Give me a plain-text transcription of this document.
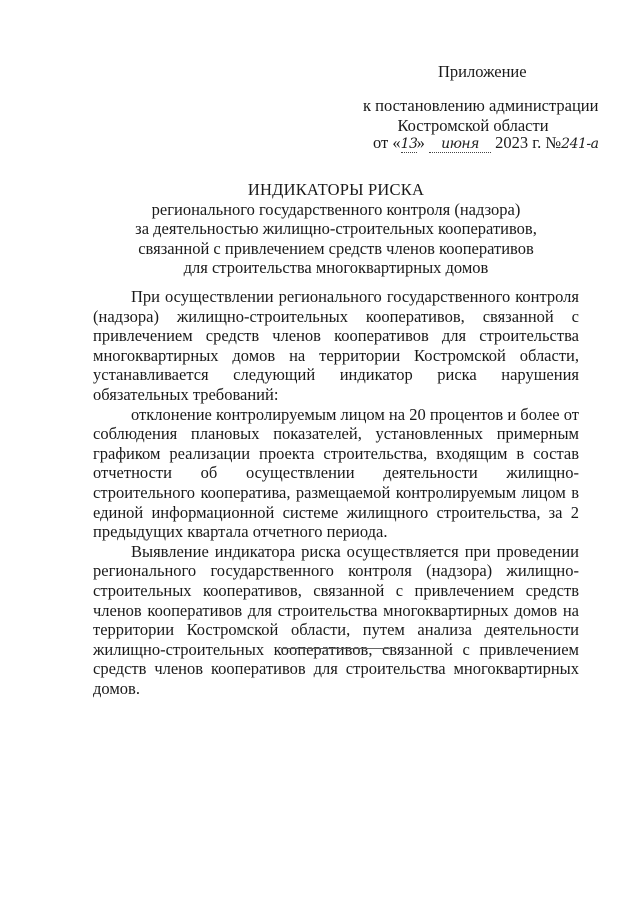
Приложение
к постановлению администрации
Костромской области
от «13» июня 2023 г. №241-а
ИНДИКАТОРЫ РИСКА
регионального государственного контроля (надзора)
за деятельностью жилищно-строительных кооперативов,
связанной с привлечением средств членов кооперативов
для строительства многоквартирных домов

При осуществлении регионального государственного контроля (надзора) жилищно-строительных кооперативов, связанной с привлечением средств членов кооперативов для строительства многоквартирных домов на территории Костромской области, устанавливается следующий индикатор риска нарушения обязательных требований:

отклонение контролируемым лицом на 20 процентов и более от соблюдения плановых показателей, установленных примерным графиком реализации проекта строительства, входящим в состав отчетности об осуществлении деятельности жилищно-строительного кооператива, размещаемой контролируемым лицом в единой информационной системе жилищного строительства, за 2 предыдущих квартала отчетного периода.

Выявление индикатора риска осуществляется при проведении регионального государственного контроля (надзора) жилищно-строительных кооперативов, связанной с привлечением средств членов кооперативов для строительства многоквартирных домов на территории Костромской области, путем анализа деятельности жилищно-строительных кооперативов, связанной с привлечением средств членов кооперативов для строительства многоквартирных домов.
